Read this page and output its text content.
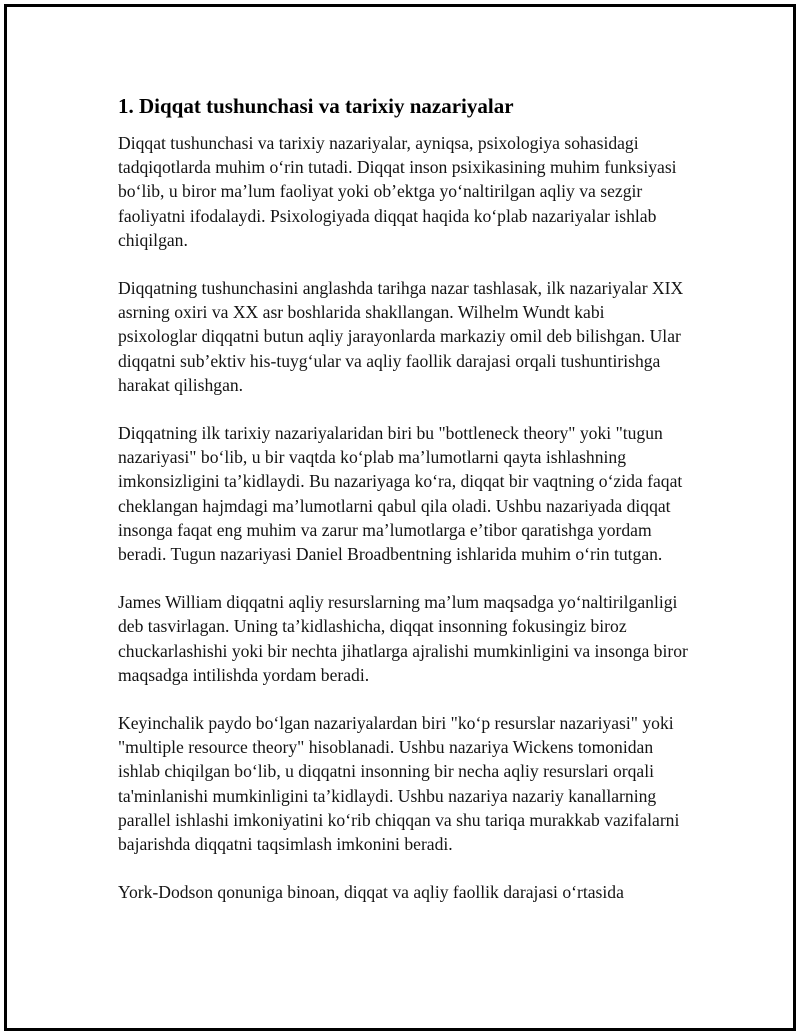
1. Diqqat tushunchasi va tarixiy nazariyalar

Diqqat tushunchasi va tarixiy nazariyalar, ayniqsa, psixologiya sohasidagi tadqiqotlarda muhim oʻrin tutadi. Diqqat inson psixikasining muhim funksiyasi boʻlib, u biror maʼlum faoliyat yoki obʼektga yoʻnaltirilgan aqliy va sezgir faoliyatni ifodalaydi. Psixologiyada diqqat haqida koʻplab nazariyalar ishlab chiqilgan.

Diqqatning tushunchasini anglashda tarihga nazar tashlasak, ilk nazariyalar XIX asrning oxiri va XX asr boshlarida shakllangan. Wilhelm Wundt kabi psixologlar diqqatni butun aqliy jarayonlarda markaziy omil deb bilishgan. Ular diqqatni subʼektiv his-tuygʻular va aqliy faollik darajasi orqali tushuntirishga harakat qilishgan.

Diqqatning ilk tarixiy nazariyalaridan biri bu "bottleneck theory" yoki "tugun nazariyasi" boʻlib, u bir vaqtda koʻplab maʼlumotlarni qayta ishlashning imkonsizligini taʼkidlaydi. Bu nazariyaga koʻra, diqqat bir vaqtning oʻzida faqat cheklangan hajmdagi maʼlumotlarni qabul qila oladi. Ushbu nazariyada diqqat insonga faqat eng muhim va zarur maʼlumotlarga eʼtibor qaratishga yordam beradi. Tugun nazariyasi Daniel Broadbentning ishlarida muhim oʻrin tutgan.

James William diqqatni aqliy resurslarning maʼlum maqsadga yoʻnaltirilganligi deb tasvirlagan. Uning taʼkidlashicha, diqqat insonning fokusingiz biroz chuckarlashishi yoki bir nechta jihatlarga ajralishi mumkinligini va insonga biror maqsadga intilishda yordam beradi.

Keyinchalik paydo boʻlgan nazariyalardan biri "koʻp resurslar nazariyasi" yoki "multiple resource theory" hisoblanadi. Ushbu nazariya Wickens tomonidan ishlab chiqilgan boʻlib, u diqqatni insonning bir necha aqliy resurslari orqali ta'minlanishi mumkinligini taʼkidlaydi. Ushbu nazariya nazariy kanallarning parallel ishlashi imkoniyatini koʻrib chiqqan va shu tariqa murakkab vazifalarni bajarishda diqqatni taqsimlash imkonini beradi.

York-Dodson qonuniga binoan, diqqat va aqliy faollik darajasi oʻrtasida
